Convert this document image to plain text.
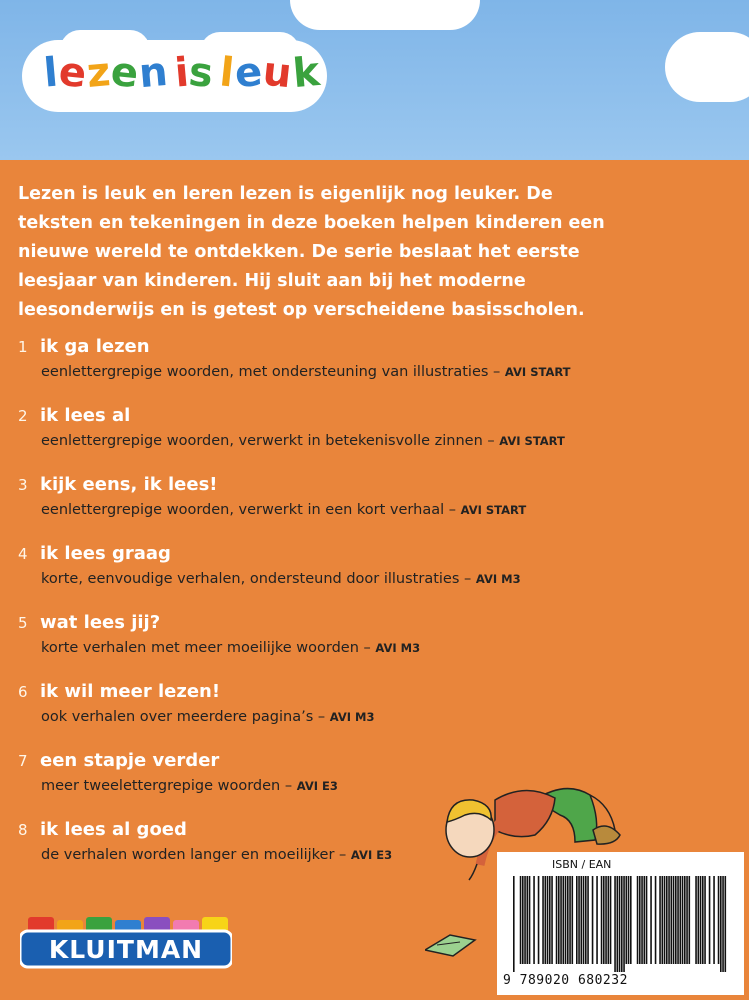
lezenisleuk
Lezen is leuk en leren lezen is eigenlijk nog leuker. De teksten en tekeningen in deze boeken helpen kinderen een nieuwe wereld te ontdekken. De serie beslaat het eerste leesjaar van kinderen. Hij sluit aan bij het moderne leesonderwijs en is getest op verscheidene basisscholen.
1 ik ga lezen
eenlettergrepige woorden, met ondersteuning van illustraties – AVI START
2 ik lees al
eenlettergrepige woorden, verwerkt in betekenisvolle zinnen – AVI START
3 kijk eens, ik lees!
eenlettergrepige woorden, verwerkt in een kort verhaal – AVI START
4 ik lees graag
korte, eenvoudige verhalen, ondersteund door illustraties – AVI M3
5 wat lees jij?
korte verhalen met meer moeilijke woorden – AVI M3
6 ik wil meer lezen!
ook verhalen over meerdere pagina’s – AVI M3
7 een stapje verder
meer tweelettergrepige woorden – AVI E3
8 ik lees al goed
de verhalen worden langer en moeilijker – AVI E3
KLUITMAN
ISBN / EAN
9 789020 680232
